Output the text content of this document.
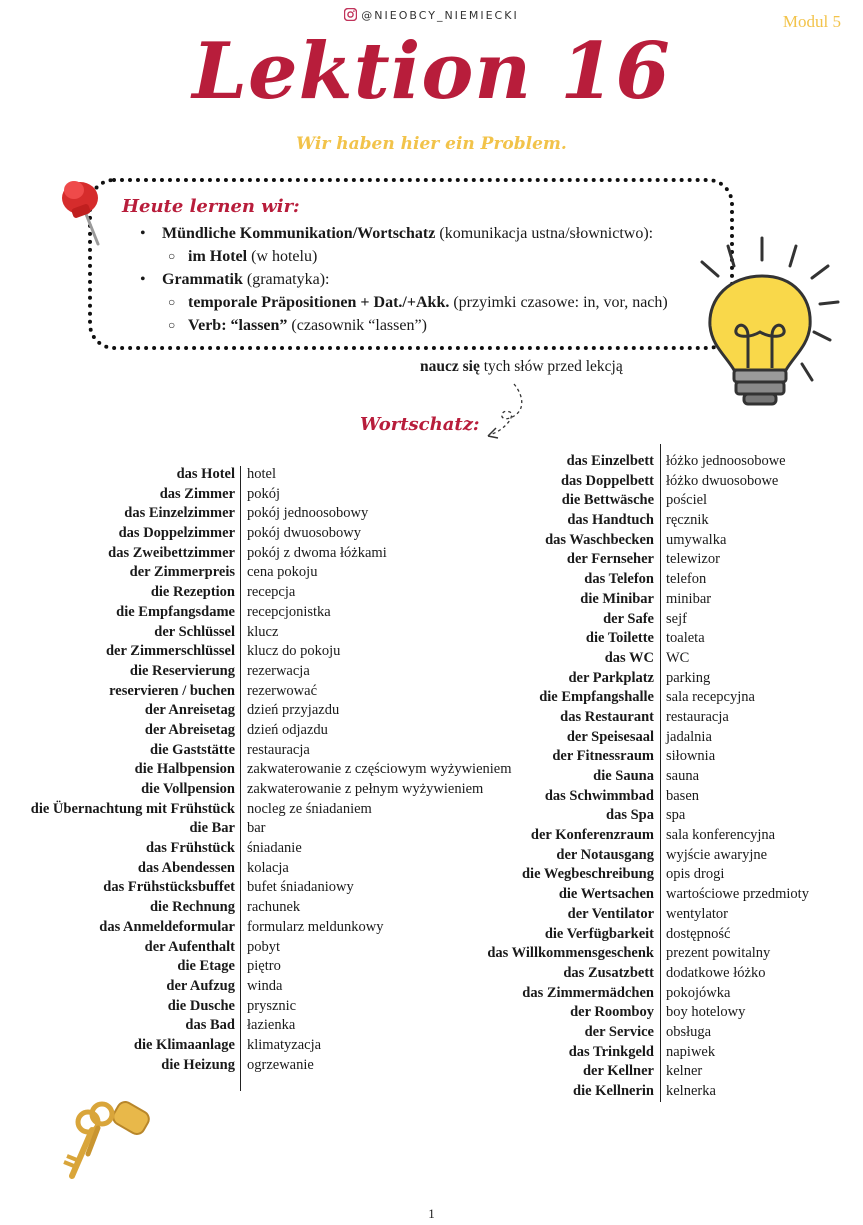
@NIEOBCY_NIEMIECKI	Modul 5
Lektion 16
Wir haben hier ein Problem.
Heute lernen wir:
• Mündliche Kommunikation/Wortschatz (komunikacja ustna/słownictwo):
○ im Hotel (w hotelu)
• Grammatik (gramatyka):
○ temporale Präpositionen + Dat./+Akk. (przyimki czasowe: in, vor, nach)
○ Verb: “lassen” (czasownik “lassen”)
naucz się tych słów przed lekcją
Wortschatz:
das Hotel hotel
das Zimmer pokój
das Einzelzimmer pokój jednoosobowy
das Doppelzimmer pokój dwuosobowy
das Zweibettzimmer pokój z dwoma łóżkami
der Zimmerpreis cena pokoju
die Rezeption recepcja
die Empfangsdame recepcjonistka
der Schlüssel klucz
der Zimmerschlüssel klucz do pokoju
die Reservierung rezerwacja
reservieren / buchen rezerwować
der Anreisetag dzień przyjazdu
der Abreisetag dzień odjazdu
die Gaststätte restauracja
die Halbpension zakwaterowanie z częściowym wyżywieniem
die Vollpension zakwaterowanie z pełnym wyżywieniem
die Übernachtung mit Frühstück nocleg ze śniadaniem
die Bar bar
das Frühstück śniadanie
das Abendessen kolacja
das Frühstücksbuffet bufet śniadaniowy
die Rechnung rachunek
das Anmeldeformular formularz meldunkowy
der Aufenthalt pobyt
die Etage piętro
der Aufzug winda
die Dusche prysznic
das Bad łazienka
die Klimaanlage klimatyzacja
die Heizung ogrzewanie
das Einzelbett łóżko jednoosobowe
das Doppelbett łóżko dwuosobowe
die Bettwäsche pościel
das Handtuch ręcznik
das Waschbecken umywalka
der Fernseher telewizor
das Telefon telefon
die Minibar minibar
der Safe sejf
die Toilette toaleta
das WC WC
der Parkplatz parking
die Empfangshalle sala recepcyjna
das Restaurant restauracja
der Speisesaal jadalnia
der Fitnessraum siłownia
die Sauna sauna
das Schwimmbad basen
das Spa spa
der Konferenzraum sala konferencyjna
der Notausgang wyjście awaryjne
die Wegbeschreibung opis drogi
die Wertsachen wartościowe przedmioty
der Ventilator wentylator
die Verfügbarkeit dostępność
das Willkommensgeschenk prezent powitalny
das Zusatzbett dodatkowe łóżko
das Zimmermädchen pokojówka
der Roomboy boy hotelowy
der Service obsługa
das Trinkgeld napiwek
der Kellner kelner
die Kellnerin kelnerka
1
